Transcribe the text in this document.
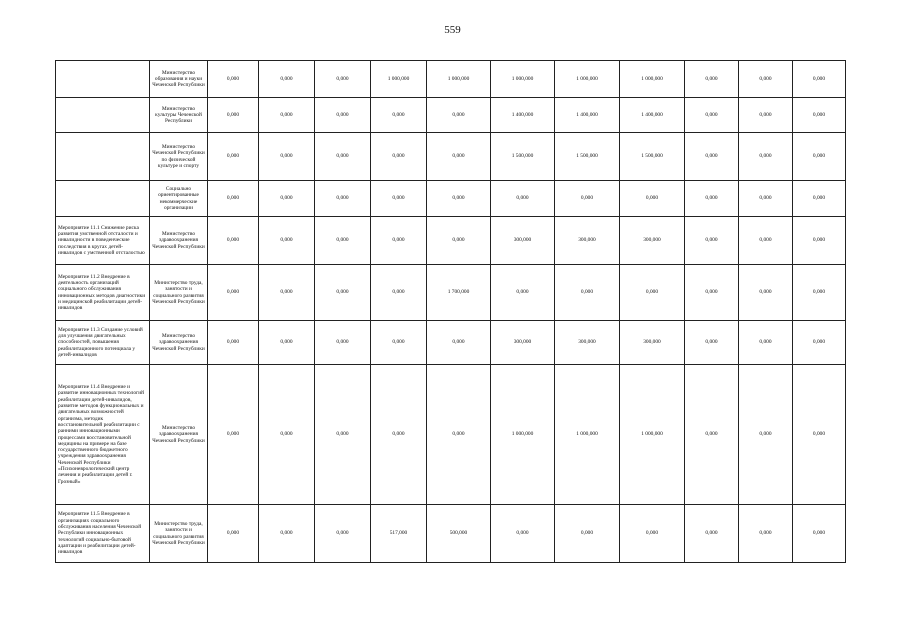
559
	Министерство образования и науки Чеченской Республики	0,000	0,000	0,000	1 000,000	1 000,000	1 000,000	1 000,000	1 000,000	0,000	0,000	0,000
	Министерство культуры Чеченской Республики	0,000	0,000	0,000	0,000	0,000	1 400,000	1 400,000	1 400,000	0,000	0,000	0,000
	Министерство Чеченской Республики по физической культуре и спорту	0,000	0,000	0,000	0,000	0,000	1 500,000	1 500,000	1 500,000	0,000	0,000	0,000
	Социально ориентированные некоммерческие организации	0,000	0,000	0,000	0,000	0,000	0,000	0,000	0,000	0,000	0,000	0,000
Мероприятие 11.1 Снижение риска развития умственной отсталости и инвалидности в поведенческие последствия в кругах детей-инвалидов с умственной отсталостью	Министерство здравоохранения Чеченской Республики	0,000	0,000	0,000	0,000	0,000	300,000	300,000	300,000	0,000	0,000	0,000
Мероприятие 11.2 Внедрение в деятельность организаций социального обслуживания инновационных методов диагностики и медицинской реабилитации детей-инвалидов	Министерство труда, занятости и социального развития Чеченской Республики	0,000	0,000	0,000	0,000	1 700,000	0,000	0,000	0,000	0,000	0,000	0,000
Мероприятие 11.3 Создание условий для улучшения двигательных способностей, повышения реабилитационного потенциала у детей-инвалидов	Министерство здравоохранения Чеченской Республики	0,000	0,000	0,000	0,000	0,000	300,000	300,000	300,000	0,000	0,000	0,000
Мероприятие 11.4 Внедрение и развитие инновационных технологий реабилитации детей-инвалидов, развитие методов функциональных и двигательных возможностей организма, методик восстановительной реабилитации с ранними инновационными процессами восстановительной медицины на примере на базе государственного бюджетного учреждения здравоохранения Чеченской Республики «Психоневрологический центр лечения и реабилитации детей г. Грозный»	Министерство здравоохранения Чеченской Республики	0,000	0,000	0,000	0,000	0,000	1 000,000	1 000,000	1 000,000	0,000	0,000	0,000
Мероприятие 11.5 Внедрение в организациях социального обслуживания населения Чеченской Республики инновационных технологий социально-бытовой адаптации и реабилитации детей-инвалидов	Министерство труда, занятости и социального развития Чеченской Республики	0,000	0,000	0,000	517,000	500,000	0,000	0,000	0,000	0,000	0,000	0,000
